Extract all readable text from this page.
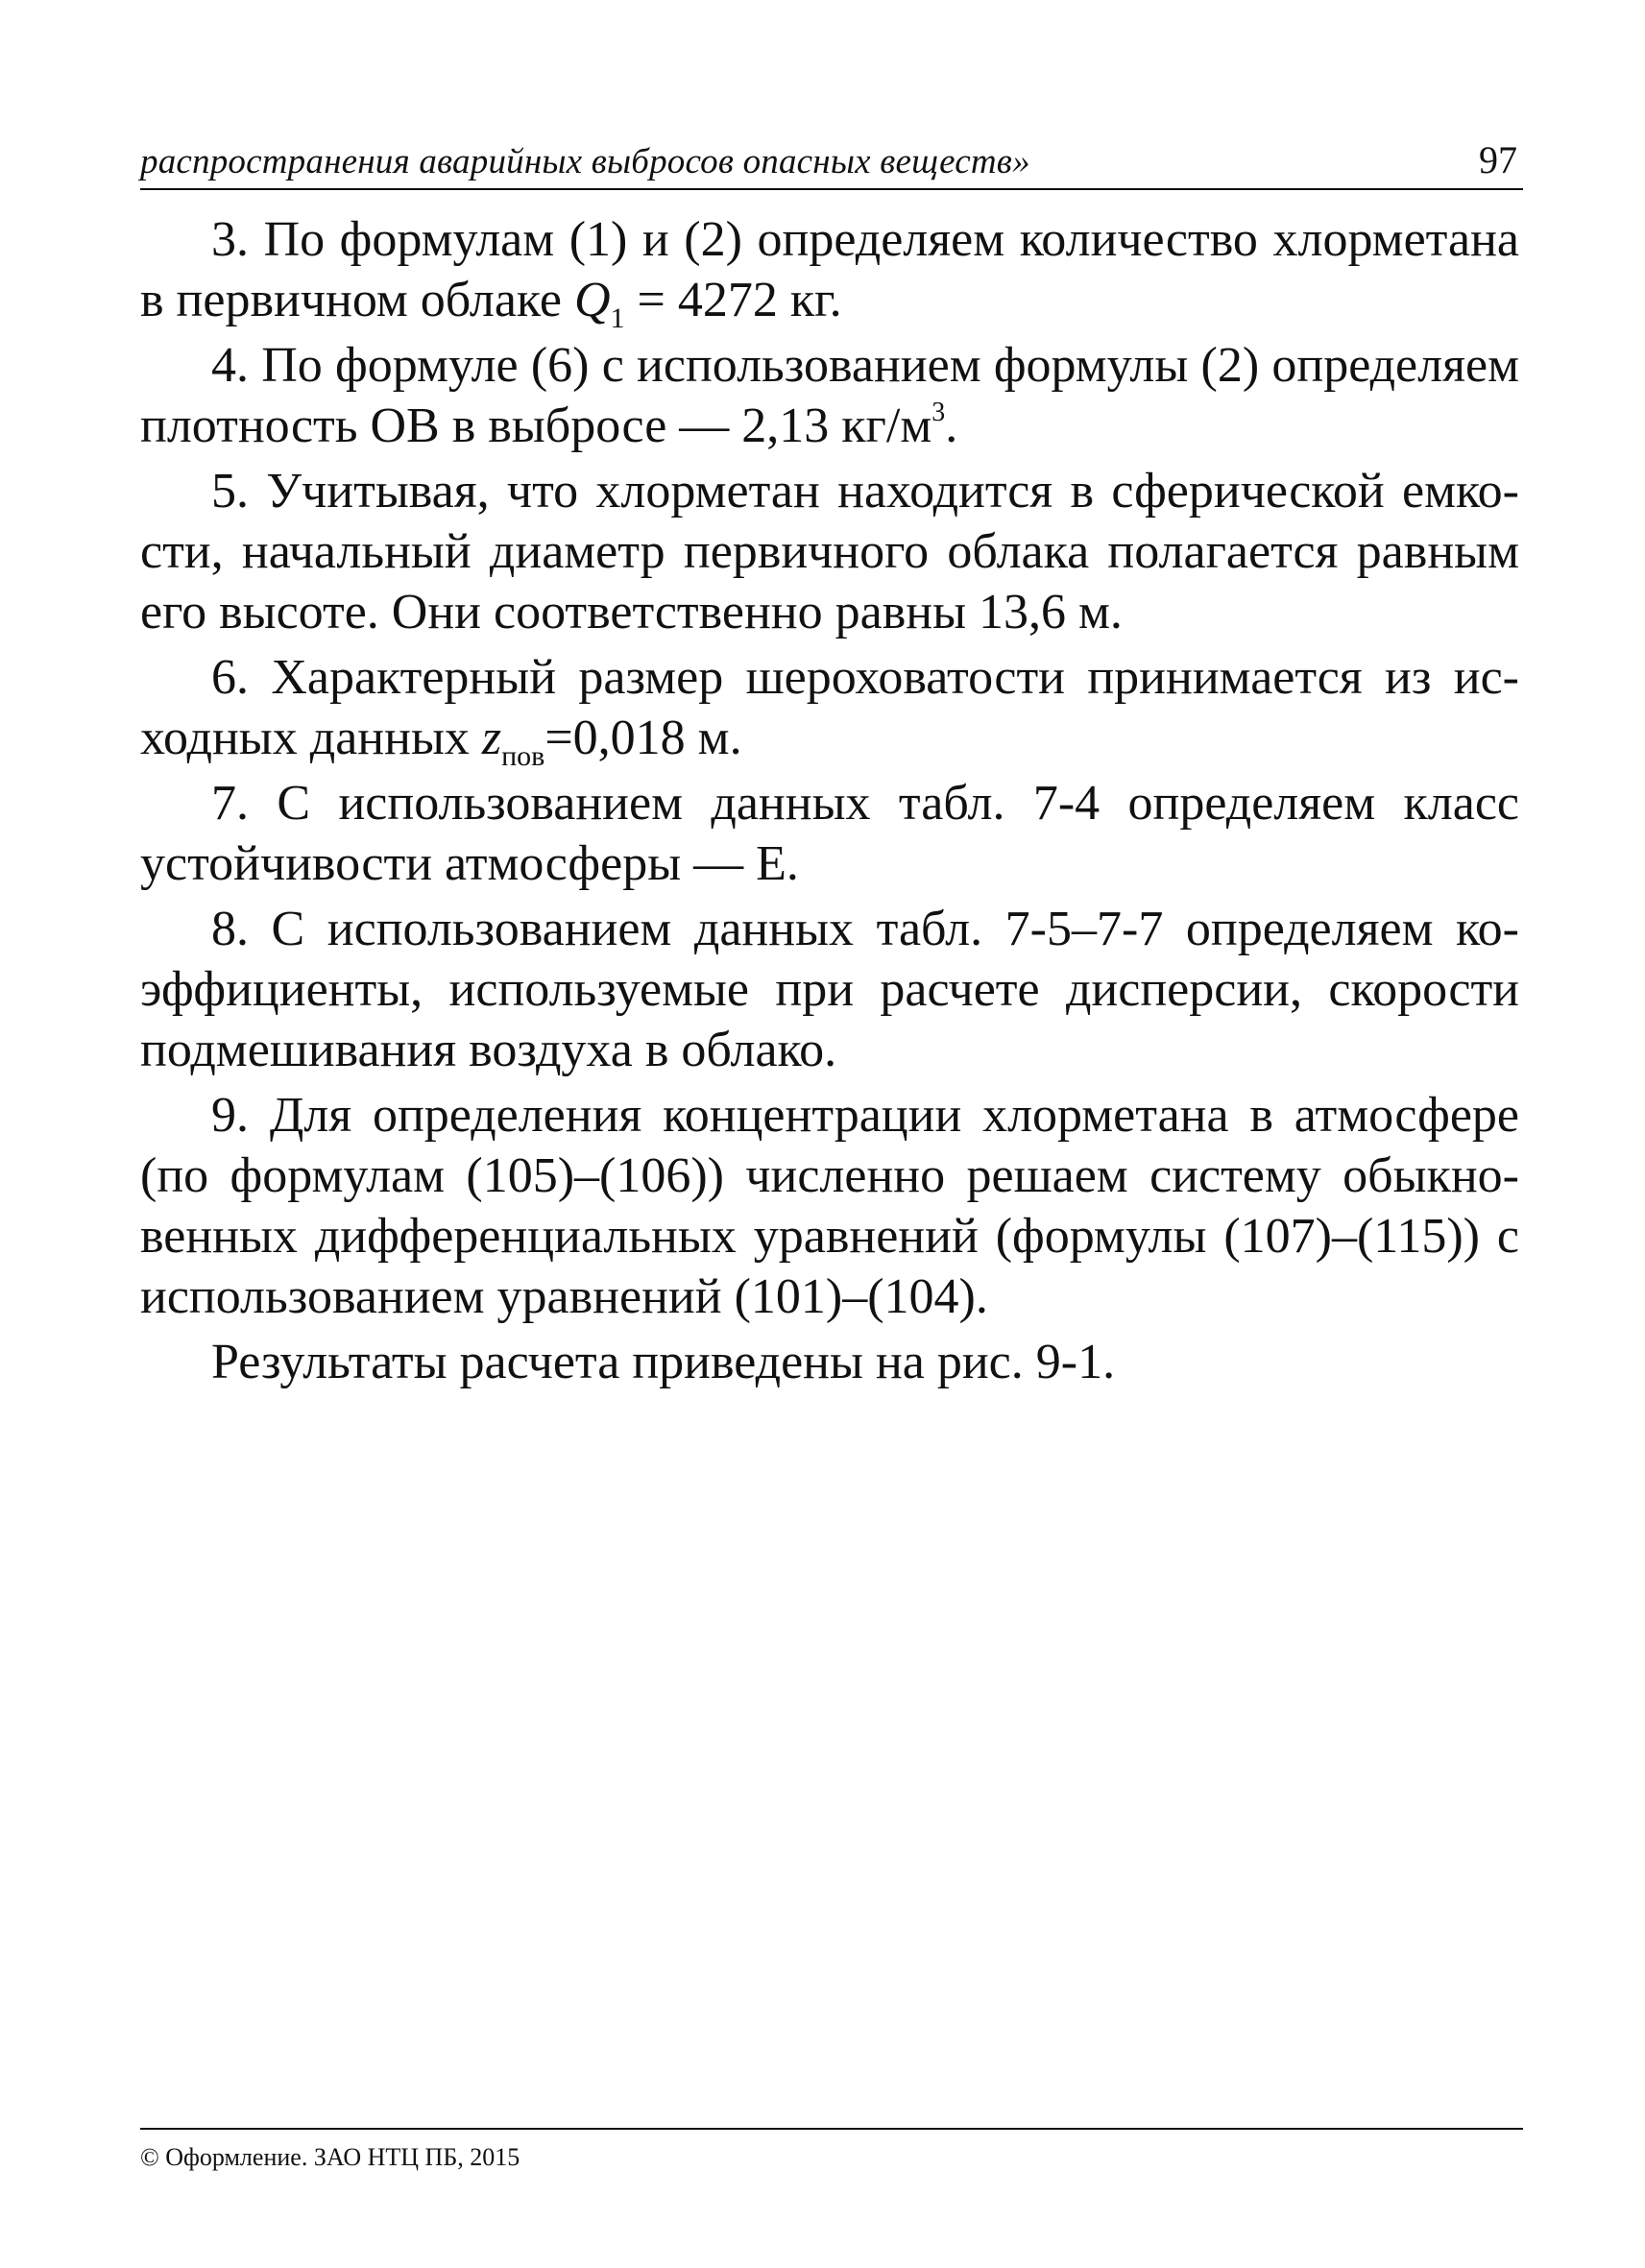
распространения аварийных выбросов опасных веществ»	97

3. По формулам (1) и (2) определяем количество хлорметана в первичном облаке $Q_1 = 4272$ кг.

4. По формуле (6) с использованием формулы (2) определяем плотность ОВ в выбросе — 2,13 $кг/м^3$.

5. Учитывая, что хлорметан находится в сферической емкости, начальный диаметр первичного облака полагается равным его высоте. Они соответственно равны 13,6 м.

6. Характерный размер шероховатости принимается из исходных данных $z_{пов}=0,018$ м.

7. С использованием данных табл. 7-4 определяем класс устойчивости атмосферы — Е.

8. С использованием данных табл. 7-5–7-7 определяем коэффициенты, используемые при расчете дисперсии, скорости подмешивания воздуха в облако.

9. Для определения концентрации хлорметана в атмосфере (по формулам (105)–(106)) численно решаем систему обыкновенных дифференциальных уравнений (формулы (107)–(115)) с использованием уравнений (101)–(104).

Результаты расчета приведены на рис. 9-1.

© Оформление. ЗАО НТЦ ПБ, 2015
